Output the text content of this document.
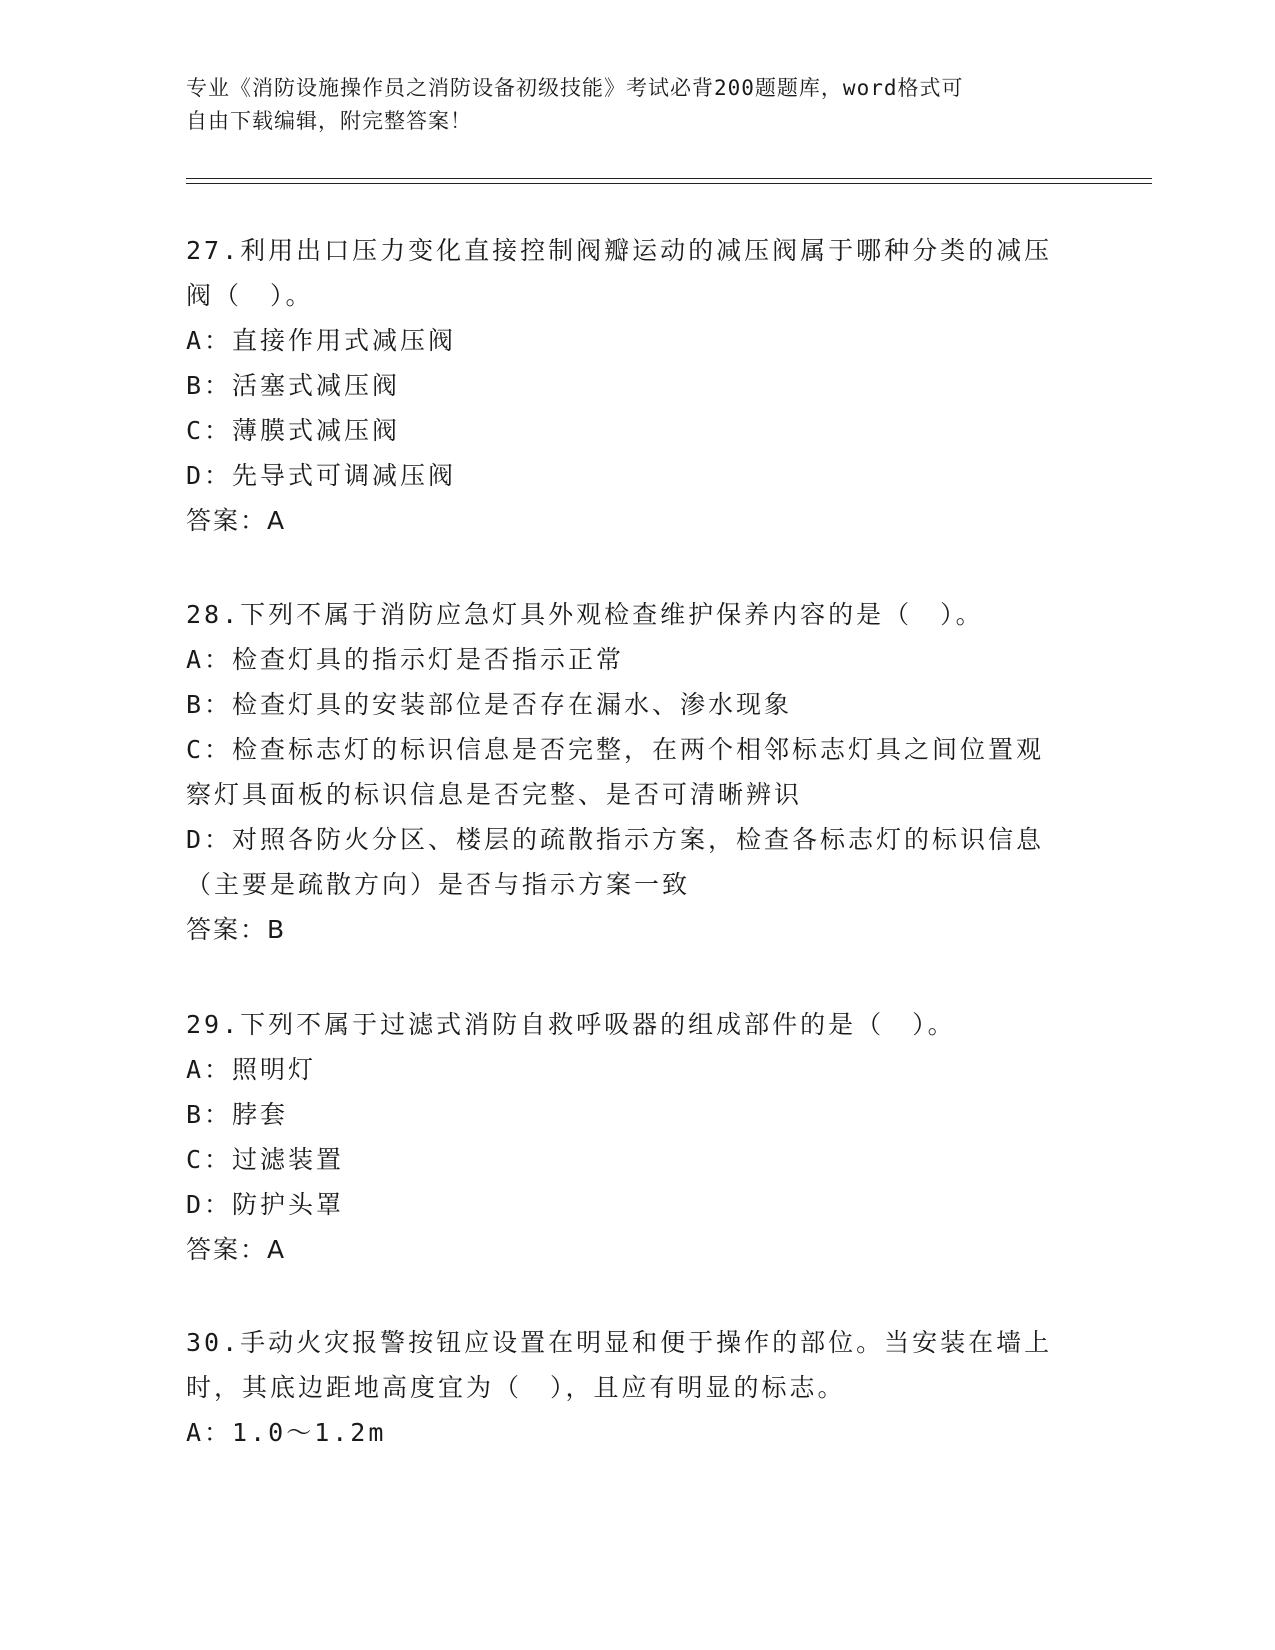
专业《消防设施操作员之消防设备初级技能》考试必背200题题库，word格式可
自由下载编辑，附完整答案！
27.利用出口压力变化直接控制阀瓣运动的减压阀属于哪种分类的减压
阀（　）。
A：直接作用式减压阀
B：活塞式减压阀
C：薄膜式减压阀
D：先导式可调减压阀
答案：A
28.下列不属于消防应急灯具外观检查维护保养内容的是（　）。
A：检查灯具的指示灯是否指示正常
B：检查灯具的安装部位是否存在漏水、渗水现象
C：检查标志灯的标识信息是否完整，在两个相邻标志灯具之间位置观
察灯具面板的标识信息是否完整、是否可清晰辨识
D：对照各防火分区、楼层的疏散指示方案，检查各标志灯的标识信息
（主要是疏散方向）是否与指示方案一致
答案：B
29.下列不属于过滤式消防自救呼吸器的组成部件的是（　）。
A：照明灯
B：脖套
C：过滤装置
D：防护头罩
答案：A
30.手动火灾报警按钮应设置在明显和便于操作的部位。当安装在墙上
时，其底边距地高度宜为（　），且应有明显的标志。
A：1.0～1.2m
